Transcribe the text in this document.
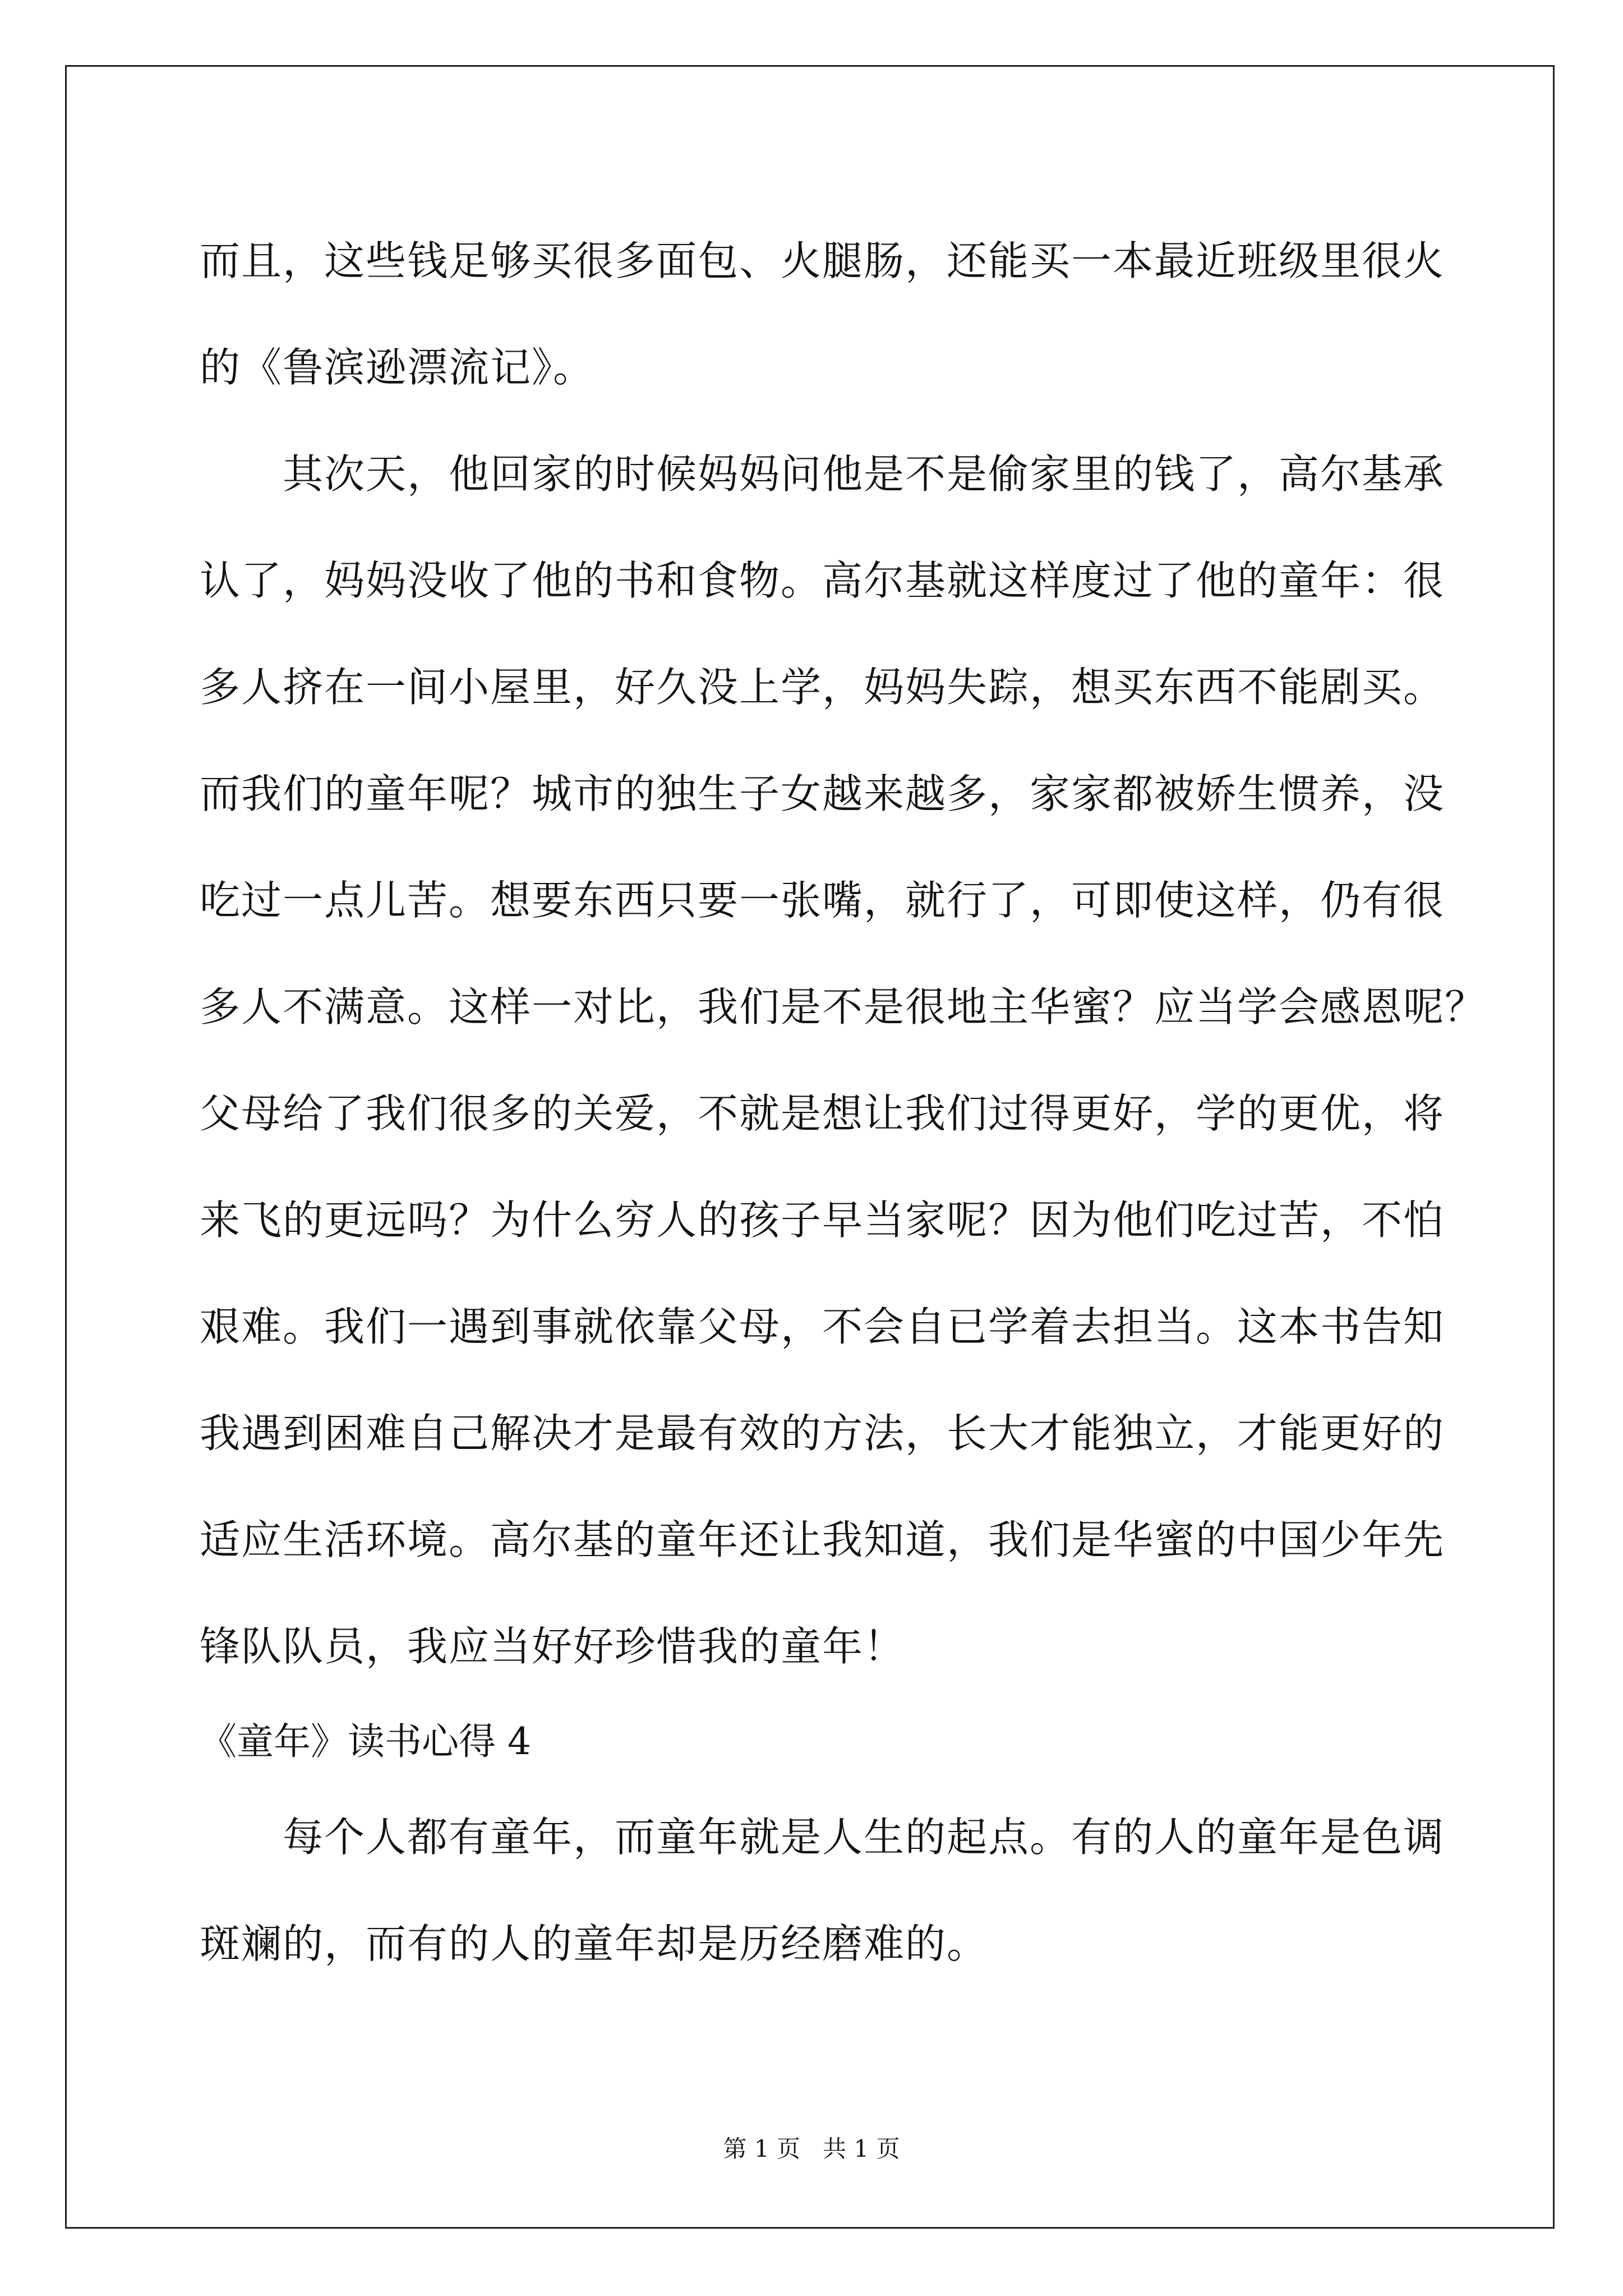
而且，这些钱足够买很多面包、火腿肠，还能买一本最近班级里很火
的《鲁滨逊漂流记》。
其次天，他回家的时候妈妈问他是不是偷家里的钱了，高尔基承
认了，妈妈没收了他的书和食物。高尔基就这样度过了他的童年：很
多人挤在一间小屋里，好久没上学，妈妈失踪，想买东西不能剧买。
而我们的童年呢？城市的独生子女越来越多，家家都被娇生惯养，没
吃过一点儿苦。想要东西只要一张嘴，就行了，可即使这样，仍有很
多人不满意。这样一对比，我们是不是很地主华蜜？应当学会感恩呢？
父母给了我们很多的关爱，不就是想让我们过得更好，学的更优，将
来飞的更远吗？为什么穷人的孩子早当家呢？因为他们吃过苦，不怕
艰难。我们一遇到事就依靠父母，不会自已学着去担当。这本书告知
我遇到困难自己解决才是最有效的方法，长大才能独立，才能更好的
适应生活环境。高尔基的童年还让我知道，我们是华蜜的中国少年先
锋队队员，我应当好好珍惜我的童年！
《童年》读书心得 4
每个人都有童年，而童年就是人生的起点。有的人的童年是色调
斑斓的，而有的人的童年却是历经磨难的。
第 1 页   共 1 页
